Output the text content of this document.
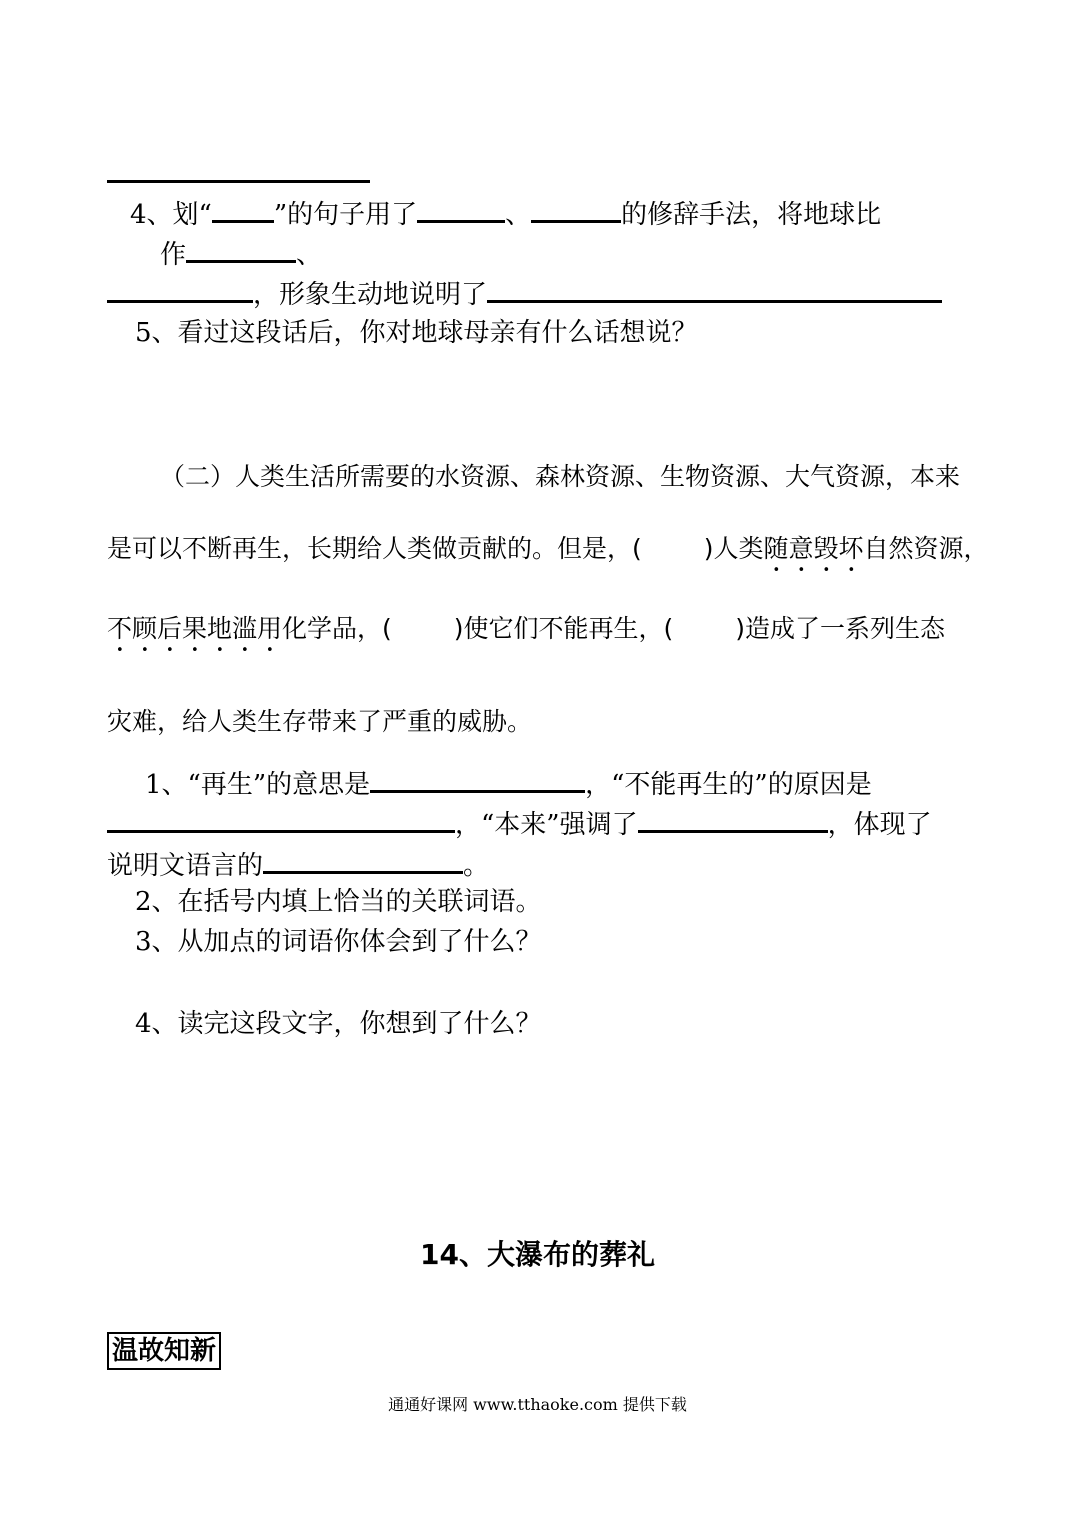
4、划“ ”的句子用了	、	的修辞手法，将地球比
作	、
，形象生动地说明了
5、看过这段话后，你对地球母亲有什么话想说？
（二）人类生活所需要的水资源、森林资源、生物资源、大气资源，本来
是可以不断再生，长期给人类做贡献的。但是，( )人类随意毁坏自然资源，
不顾后果地滥用化学品，( )使它们不能再生，( )造成了一系列生态
灾难，给人类生存带来了严重的威胁。
1、“再生”的意思是	，“不能再生的”的原因是
，“本来”强调了	，体现了
说明文语言的	。
2、在括号内填上恰当的关联词语。
3、从加点的词语你体会到了什么？
4、读完这段文字，你想到了什么？
14、大瀑布的葬礼
温故知新
通通好课网 www.tthaoke.com 提供下载
